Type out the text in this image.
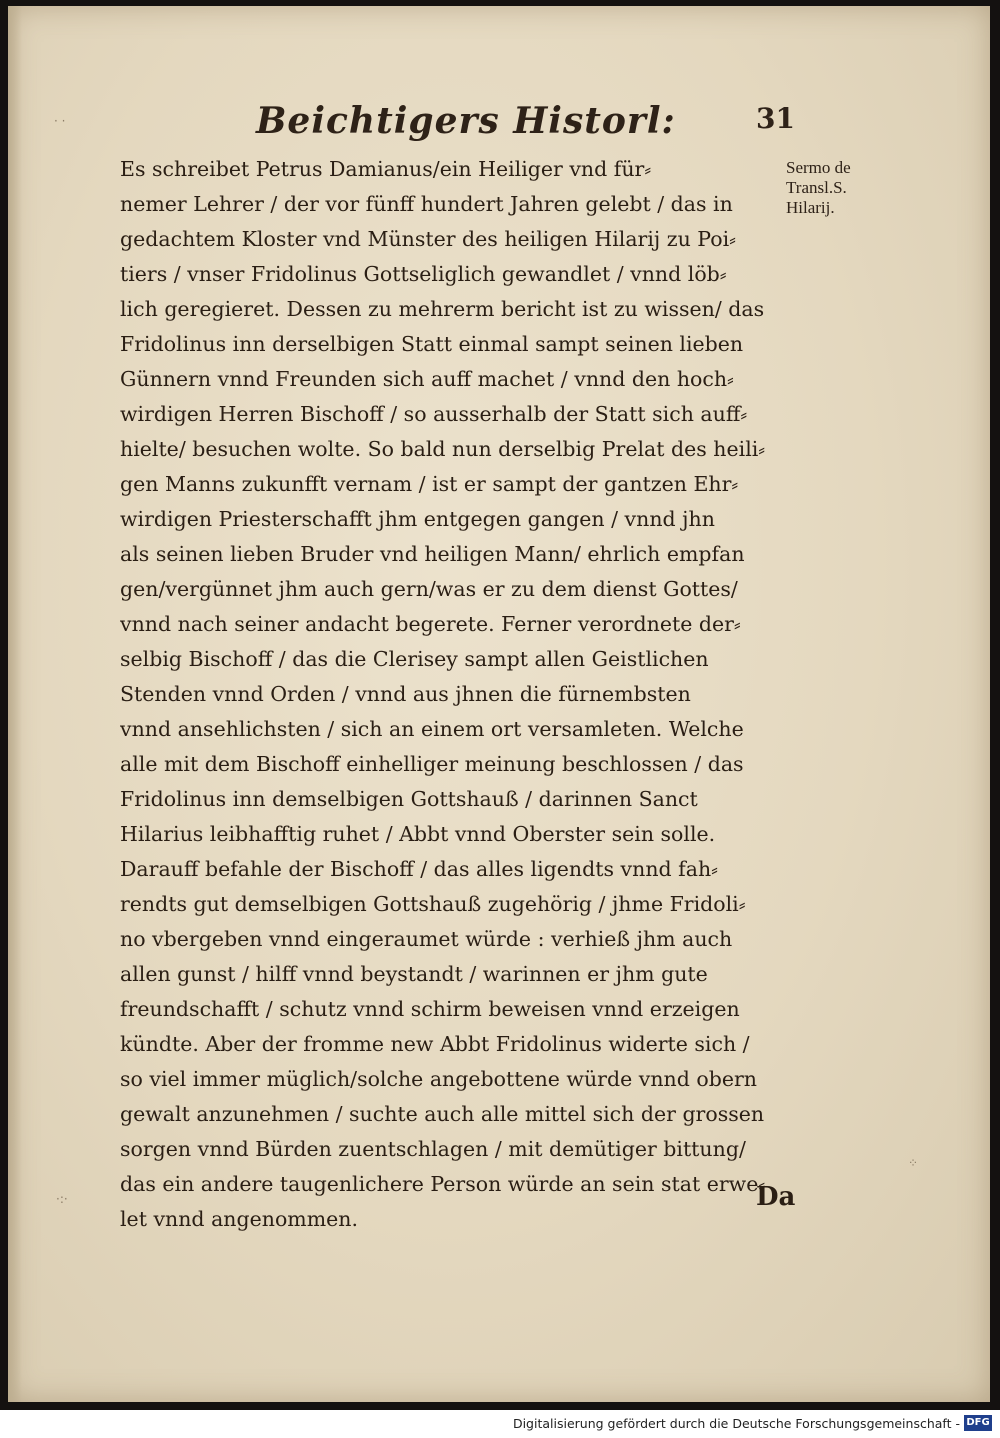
· ·
·:·
⁘
Beichtigers Historl:	31
Sermo de
Transl.S.
Hilarij.
Es schreibet Petrus Damianus/ein Heiliger vnd für⸗
nemer Lehrer / der vor fünff hundert Jahren gelebt / das in
gedachtem Kloster vnd Münster des heiligen Hilarij zu Poi⸗
tiers / vnser Fridolinus Gottseliglich gewandlet / vnnd löb⸗
lich geregieret. Dessen zu mehrerm bericht ist zu wissen/ das
Fridolinus inn derselbigen Statt einmal sampt seinen lieben
Günnern vnnd Freunden sich auff machet / vnnd den hoch⸗
wirdigen Herren Bischoff / so ausserhalb der Statt sich auff⸗
hielte/ besuchen wolte. So bald nun derselbig Prelat des heili⸗
gen Manns zukunfft vernam / ist er sampt der gantzen Ehr⸗
wirdigen Priesterschafft jhm entgegen gangen / vnnd jhn
als seinen lieben Bruder vnd heiligen Mann/ ehrlich empfan
gen/vergünnet jhm auch gern/was er zu dem dienst Gottes/
vnnd nach seiner andacht begerete. Ferner verordnete der⸗
selbig Bischoff / das die Clerisey sampt allen Geistlichen
Stenden vnnd Orden / vnnd aus jhnen die fürnembsten
vnnd ansehlichsten / sich an einem ort versamleten. Welche
alle mit dem Bischoff einhelliger meinung beschlossen / das
Fridolinus inn demselbigen Gottshauß / darinnen Sanct
Hilarius leibhafftig ruhet / Abbt vnnd Oberster sein solle.
Darauff befahle der Bischoff / das alles ligendts vnnd fah⸗
rendts gut demselbigen Gottshauß zugehörig / jhme Fridoli⸗
no vbergeben vnnd eingeraumet würde : verhieß jhm auch
allen gunst / hilff vnnd beystandt / warinnen er jhm gute
freundschafft / schutz vnnd schirm beweisen vnnd erzeigen
kündte. Aber der fromme new Abbt Fridolinus widerte sich /
so viel immer müglich/solche angebottene würde vnnd obern
gewalt anzunehmen / suchte auch alle mittel sich der grossen
sorgen vnnd Bürden zuentschlagen / mit demütiger bittung/
das ein andere taugenlichere Person würde an sein stat erwe⸗
let vnnd angenommen.
Da
Digitalisierung gefördert durch die Deutsche Forschungsgemeinschaft - DFG
